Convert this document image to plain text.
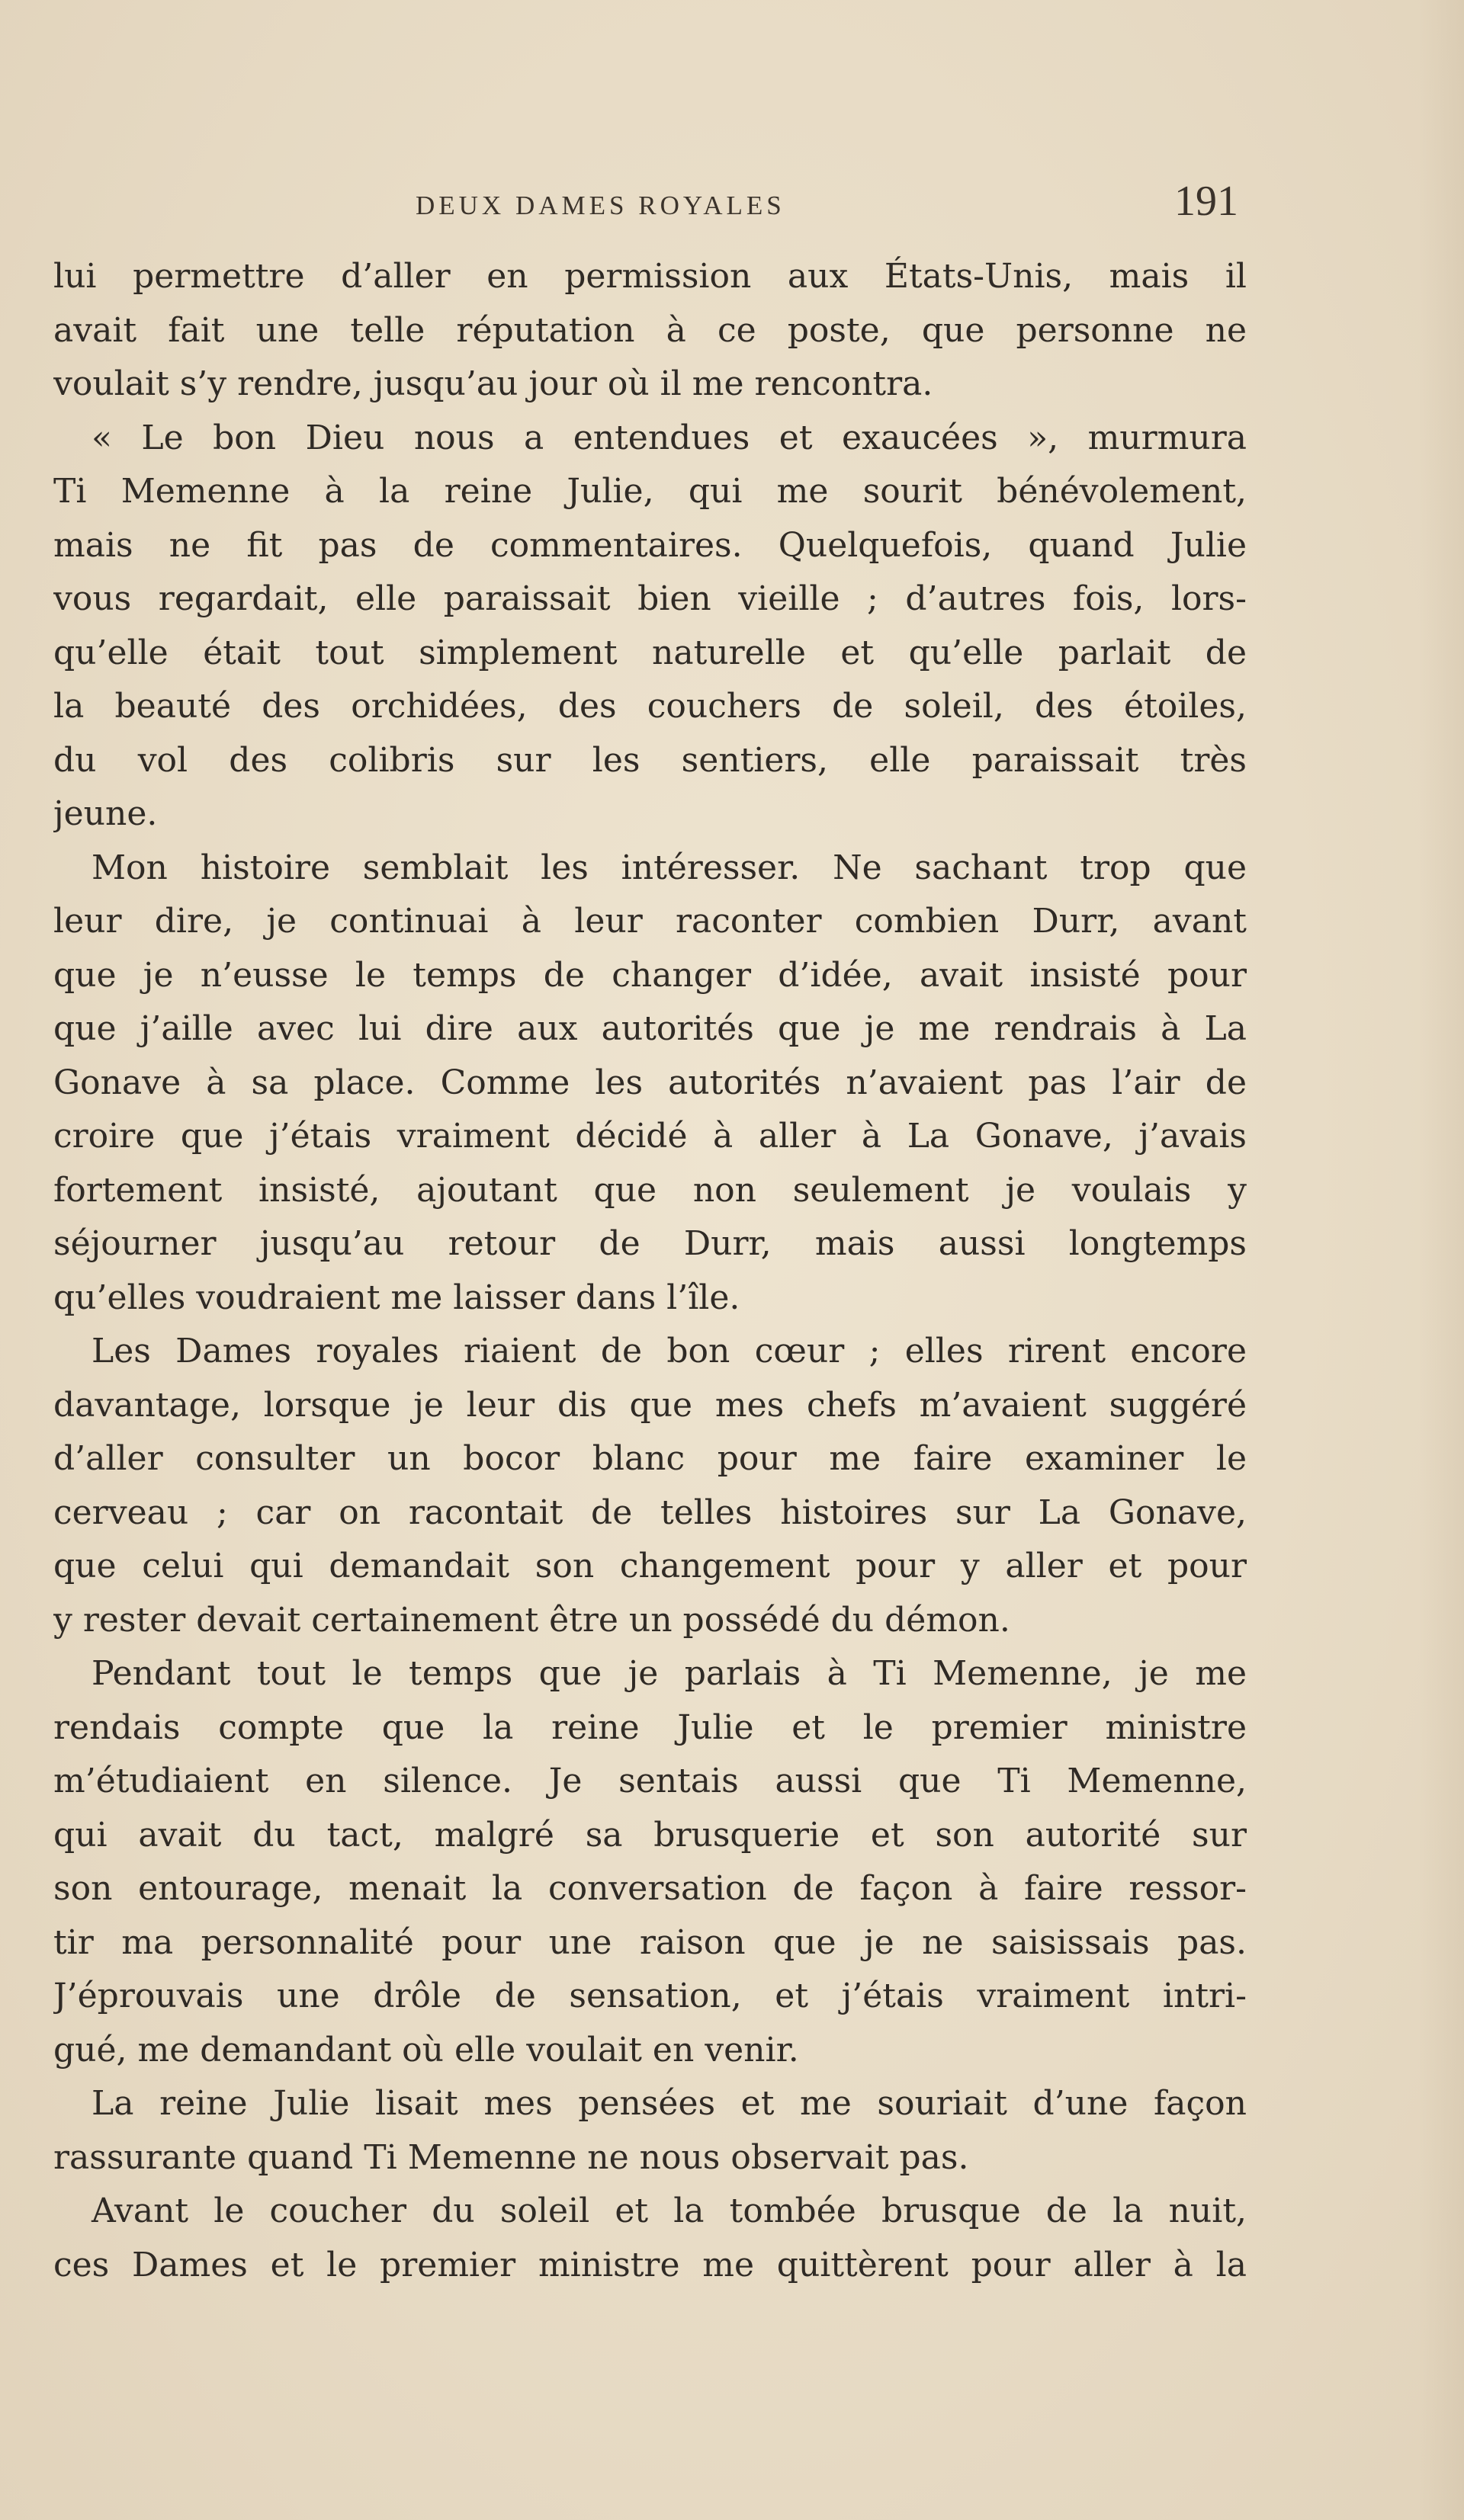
DEUX DAMES ROYALES	191
lui permettre d’aller en permission aux États-Unis, mais il
avait fait une telle réputation à ce poste, que personne ne
voulait s’y rendre, jusqu’au jour où il me rencontra.
« Le bon Dieu nous a entendues et exaucées », murmura
Ti Memenne à la reine Julie, qui me sourit bénévolement,
mais ne fit pas de commentaires. Quelquefois, quand Julie
vous regardait, elle paraissait bien vieille ; d’autres fois, lors-
qu’elle était tout simplement naturelle et qu’elle parlait de
la beauté des orchidées, des couchers de soleil, des étoiles,
du vol des colibris sur les sentiers, elle paraissait très
jeune.
Mon histoire semblait les intéresser. Ne sachant trop que
leur dire, je continuai à leur raconter combien Durr, avant
que je n’eusse le temps de changer d’idée, avait insisté pour
que j’aille avec lui dire aux autorités que je me rendrais à La
Gonave à sa place. Comme les autorités n’avaient pas l’air de
croire que j’étais vraiment décidé à aller à La Gonave, j’avais
fortement insisté, ajoutant que non seulement je voulais y
séjourner jusqu’au retour de Durr, mais aussi longtemps
qu’elles voudraient me laisser dans l’île.
Les Dames royales riaient de bon cœur ; elles rirent encore
davantage, lorsque je leur dis que mes chefs m’avaient suggéré
d’aller consulter un bocor blanc pour me faire examiner le
cerveau ; car on racontait de telles histoires sur La Gonave,
que celui qui demandait son changement pour y aller et pour
y rester devait certainement être un possédé du démon.
Pendant tout le temps que je parlais à Ti Memenne, je me
rendais compte que la reine Julie et le premier ministre
m’étudiaient en silence. Je sentais aussi que Ti Memenne,
qui avait du tact, malgré sa brusquerie et son autorité sur
son entourage, menait la conversation de façon à faire ressor-
tir ma personnalité pour une raison que je ne saisissais pas.
J’éprouvais une drôle de sensation, et j’étais vraiment intri-
gué, me demandant où elle voulait en venir.
La reine Julie lisait mes pensées et me souriait d’une façon
rassurante quand Ti Memenne ne nous observait pas.
Avant le coucher du soleil et la tombée brusque de la nuit,
ces Dames et le premier ministre me quittèrent pour aller à la
